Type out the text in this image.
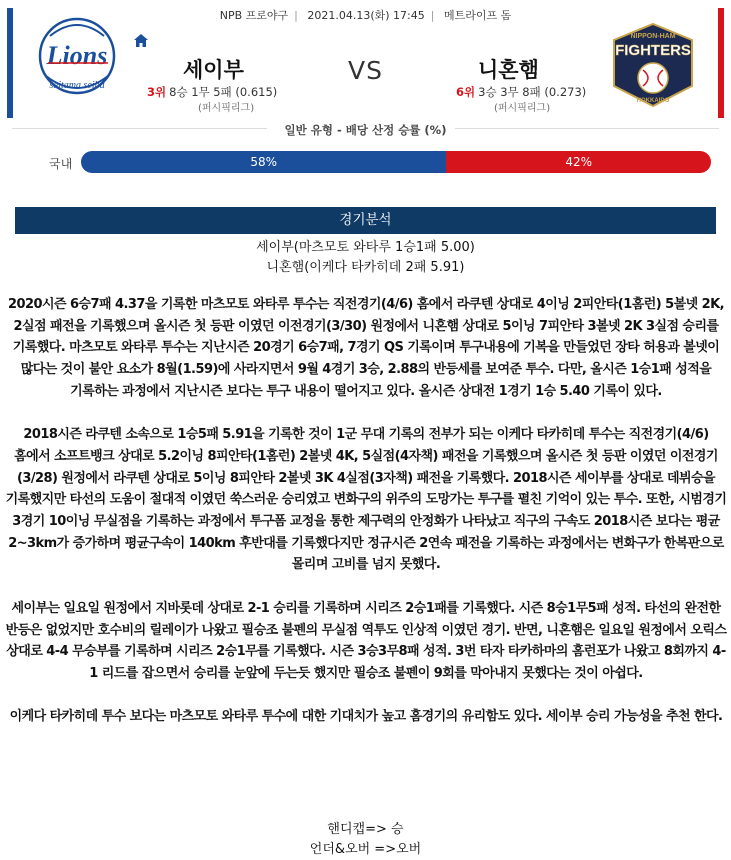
NPB 프로야구 | 2021.04.13(화) 17:45 | 메트라이프 돔
Lions
saitama seibu
NIPPON-HAM
FIGHTERS
HOKKAIDO
세이부	VS	니혼햄
3위 8승 1무 5패 (0.615)	6위 3승 3무 8패 (0.273)
(퍼시픽리그)	(퍼시픽리그)
일반 유형 - 배당 산정 승률 (%)
국내	58%	42%
경기분석
세이부(마츠모토 와타루 1승1패 5.00)
니혼햄(이케다 타카히데 2패 5.91)

2020시즌 6승7패 4.37을 기록한 마츠모토 와타루 투수는 직전경기(4/6) 홈에서 라쿠텐 상대로 4이닝 2피안타(1홈런) 5볼넷 2K, 2실점 패전을 기록했으며 올시즌 첫 등판 이였던 이전경기(3/30) 원정에서 니혼햄 상대로 5이닝 7피안타 3볼넷 2K 3실점 승리를 기록했다. 마츠모토 와타루 투수는 지난시즌 20경기 6승7패, 7경기 QS 기록이며 투구내용에 기복을 만들었던 장타 허용과 볼넷이 많다는 것이 불안 요소가 8월(1.59)에 사라지면서 9월 4경기 3승, 2.88의 반등세를 보여준 투수. 다만, 올시즌 1승1패 성적을 기록하는 과정에서 지난시즌 보다는 투구 내용이 떨어지고 있다. 올시즌 상대전 1경기 1승 5.40 기록이 있다.

2018시즌 라쿠텐 소속으로 1승5패 5.91을 기록한 것이 1군 무대 기록의 전부가 되는 이케다 타카히데 투수는 직전경기(4/6) 홈에서 소프트뱅크 상대로 5.2이닝 8피안타(1홈런) 2볼넷 4K, 5실점(4자책) 패전을 기록했으며 올시즌 첫 등판 이였던 이전경기(3/28) 원정에서 라쿠텐 상대로 5이닝 8피안타 2볼넷 3K 4실점(3자책) 패전을 기록했다. 2018시즌 세이부를 상대로 데뷔승을 기록했지만 타선의 도움이 절대적 이였던 쑥스러운 승리였고 변화구의 위주의 도망가는 투구를 펼친 기억이 있는 투수. 또한, 시범경기 3경기 10이닝 무실점을 기록하는 과정에서 투구폼 교정을 통한 제구력의 안정화가 나타났고 직구의 구속도 2018시즌 보다는 평균 2~3km가 증가하며 평균구속이 140km 후반대를 기록했다지만 정규시즌 2연속 패전을 기록하는 과정에서는 변화구가 한복판으로 몰리며 고비를 넘지 못했다.

세이부는 일요일 원정에서 지바롯데 상대로 2-1 승리를 기록하며 시리즈 2승1패를 기록했다. 시즌 8승1무5패 성적. 타선의 완전한 반등은 없었지만 호수비의 릴레이가 나왔고 필승조 불펜의 무실점 역투도 인상적 이였던 경기. 반면, 니혼햄은 일요일 원정에서 오릭스 상대로 4-4 무승부를 기록하며 시리즈 2승1무를 기록했다. 시즌 3승3무8패 성적. 3번 타자 타카하마의 홈런포가 나왔고 8회까지 4-1 리드를 잡으면서 승리를 눈앞에 두는듯 했지만 필승조 불펜이 9회를 막아내지 못했다는 것이 아쉽다.

이케다 타카히데 투수 보다는 마츠모토 와타루 투수에 대한 기대치가 높고 홈경기의 유리함도 있다. 세이부 승리 가능성을 추천 한다.

핸디캡=> 승
언더&오버 =>오버
